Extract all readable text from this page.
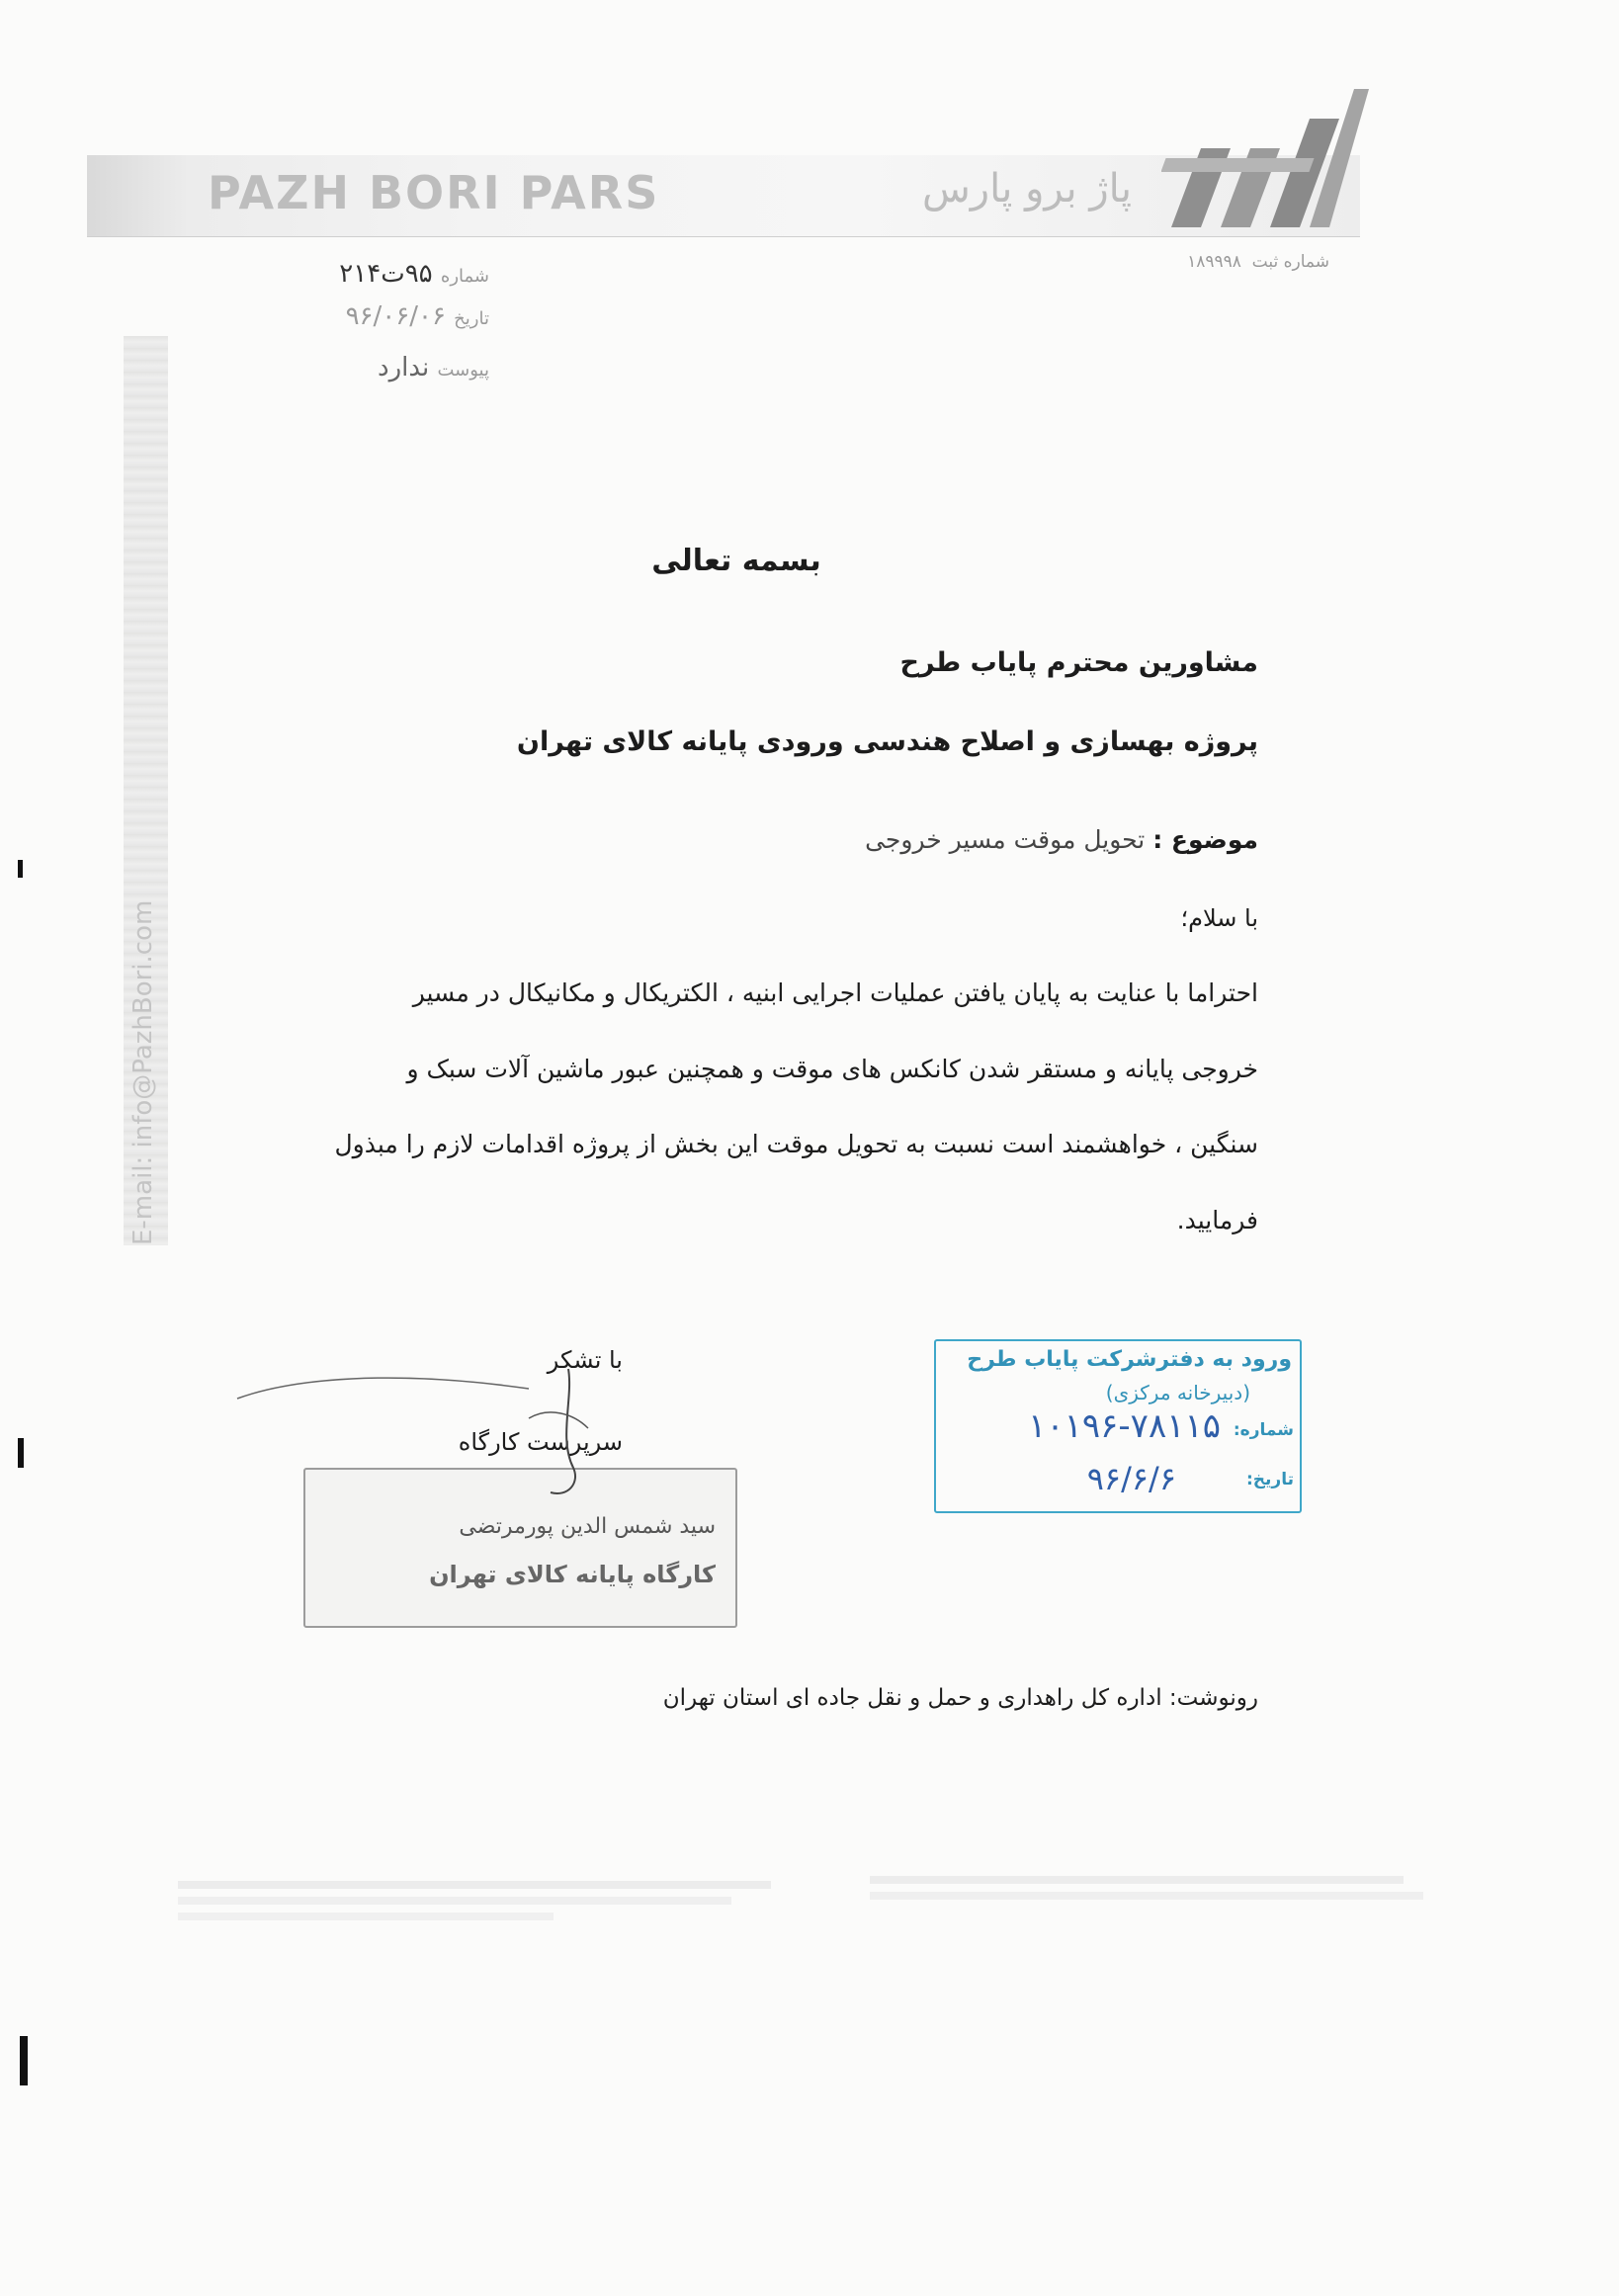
PAZH BORI PARS	پاژ برو پارس
شماره ثبت  ۱۸۹۹۹۸
E-mail: info@PazhBori.com
شماره ۹۵ت۲۱۴
تاریخ ۹۶/۰۶/۰۶
پیوست ندارد
بسمه تعالی
مشاورین محترم پایاب طرح
پروژه بهسازی و اصلاح هندسی ورودی پایانه کالای تهران
موضوع : تحویل موقت مسیر خروجی
با سلام؛
احتراما با عنایت به پایان یافتن عملیات اجرایی ابنیه ، الکتریکال و مکانیکال در مسیر
خروجی پایانه و مستقر شدن کانکس های موقت و همچنین عبور ماشین آلات سبک و
سنگین ، خواهشمند است نسبت به تحویل موقت این بخش از پروژه اقدامات لازم را مبذول
فرمایید.
با تشکر
سرپرست کارگاه
سید شمس الدین پورمرتضی
کارگاه پایانه کالای تهران
ورود به دفترشرکت پایاب طرح
(دبیرخانه مرکزی)
شماره:
۱۰۱۹۶-۷۸۱۱۵
تاریخ:
۹۶/۶/۶
رونوشت: اداره کل راهداری و حمل و نقل جاده ای استان تهران
